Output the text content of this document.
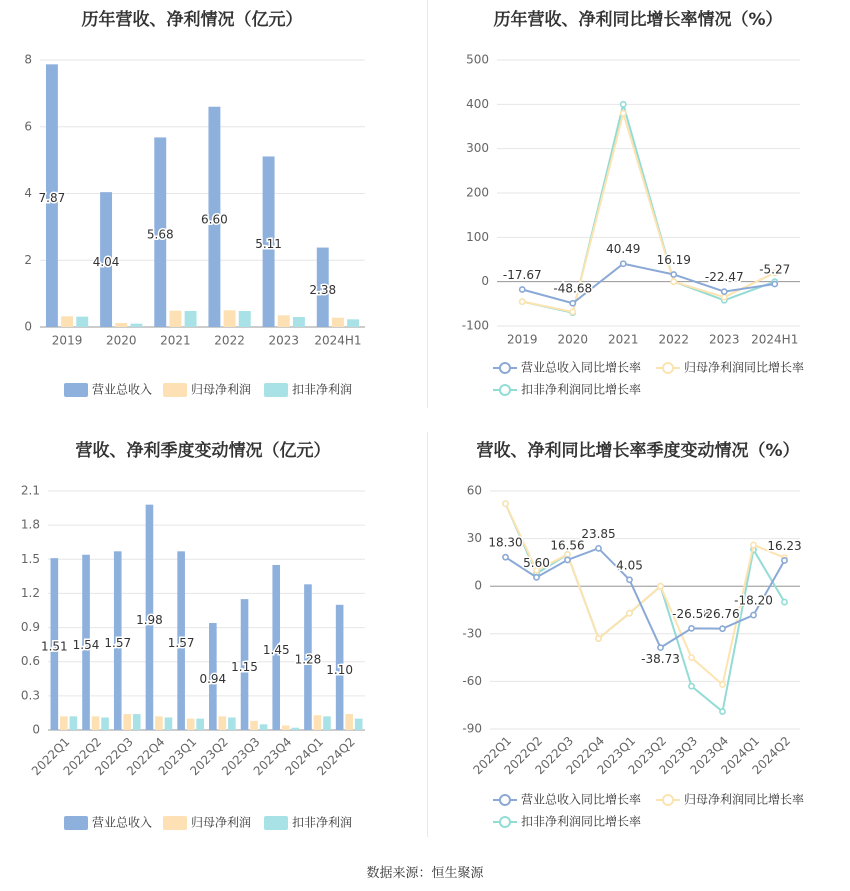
历年营收、净利情况（亿元）
0
2
4
6
8
2019 2020 2021 2022 2023 2024H1
7.87
4.04
5.68
6.60
5.11
2.38
营业总收入	归母净利润	扣非净利润
历年营收、净利同比增长率情况（%）
-100
0
100
200
300
400
500
2019 2020 2021 2022 2023 2024H1
-17.67
-48.68
40.49
16.19
-22.47
-5.27
营业总收入同比增长率	归母净利润同比增长率
扣非净利润同比增长率
营收、净利季度变动情况（亿元）
0
0.3
0.6
0.9
1.2
1.5
1.8
2.1
2022Q1
2022Q2
2022Q3
2022Q4
2023Q1
2023Q2
2023Q3
2023Q4
2024Q1
2024Q2
1.51 1.54 1.57
1.98
1.57
0.94
1.15
1.45
1.28
1.10
营业总收入	归母净利润	扣非净利润
营收、净利同比增长率季度变动情况（%）
-90
-60
-30
0
30
60
2022Q1
2022Q2
2022Q3
2022Q4
2023Q1
2023Q2
2023Q3
2023Q4
2024Q1
2024Q2
18.30
5.60
16.56
23.85
4.05
-38.73
-26.58
26.76
-18.20
16.23
营业总收入同比增长率	归母净利润同比增长率
扣非净利润同比增长率
数据来源：恒生聚源
